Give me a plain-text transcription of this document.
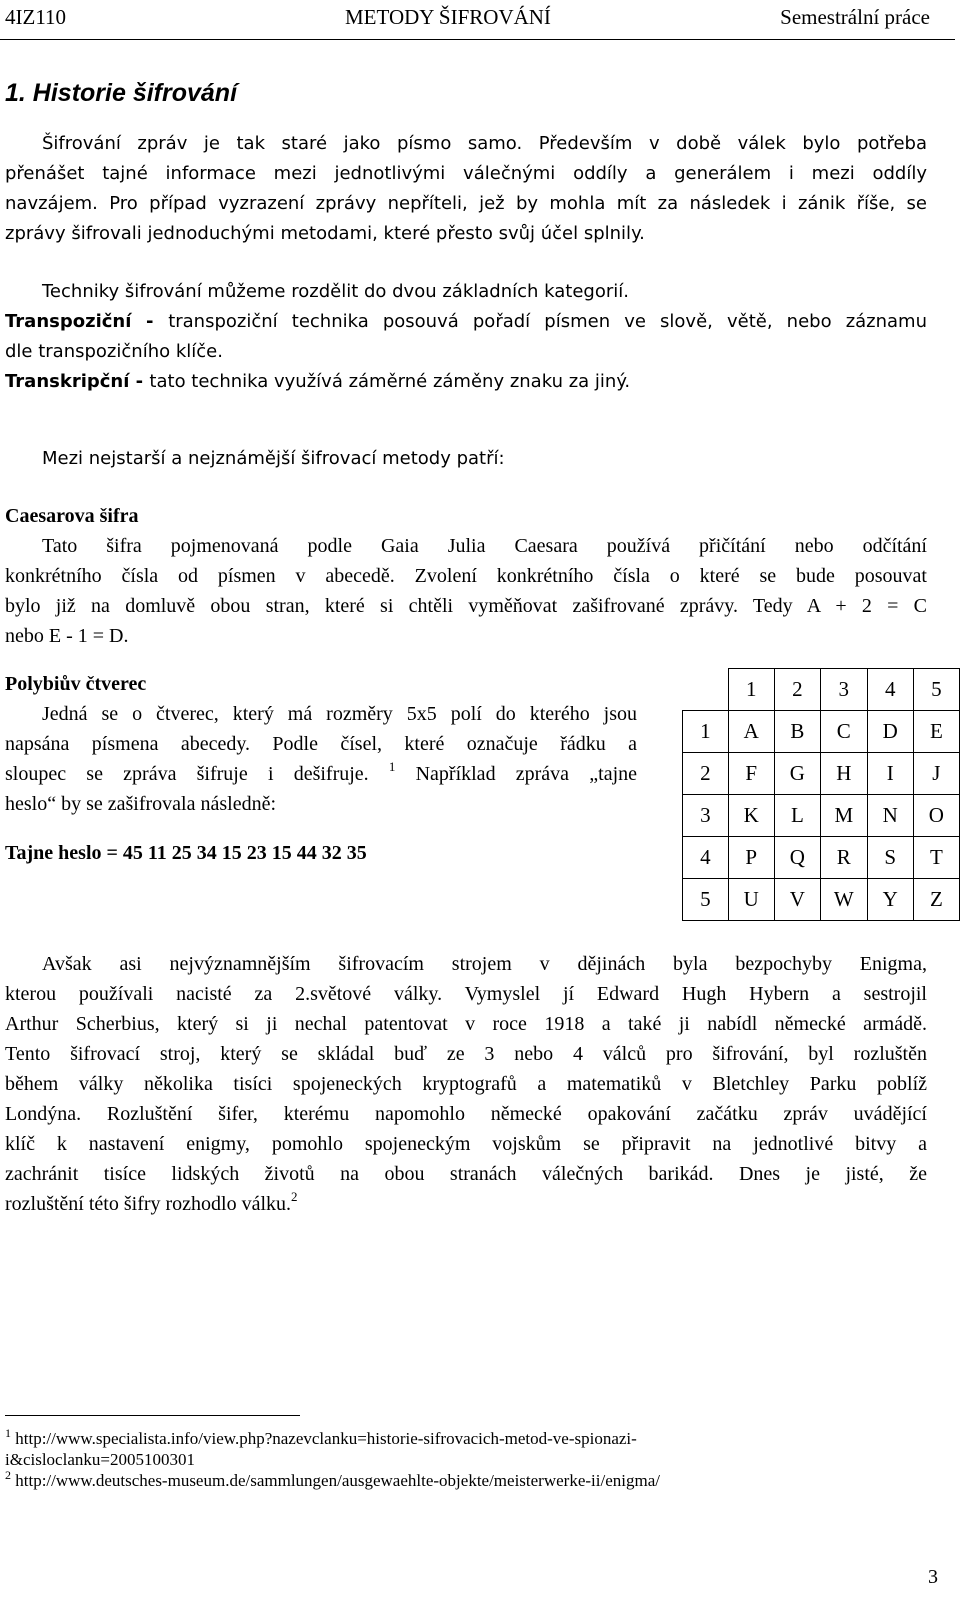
4IZ110	METODY ŠIFROVÁNÍ	Semestrální práce
1. Historie šifrování
Šifrování zpráv je tak staré jako písmo samo. Především v době válek bylo potřeba
přenášet tajné informace mezi jednotlivými válečnými oddíly a generálem i mezi oddíly
navzájem. Pro případ vyzrazení zprávy nepříteli, jež by mohla mít za následek i zánik říše, se
zprávy šifrovali jednoduchými metodami, které přesto svůj účel splnily.
Techniky šifrování můžeme rozdělit do dvou základních kategorií.
Transpoziční - transpoziční technika posouvá pořadí písmen ve slově, větě, nebo záznamu
dle transpozičního klíče.
Transkripční - tato technika využívá záměrné záměny znaku za jiný.
Mezi nejstarší a nejznámější šifrovací metody patří:
Caesarova šifra
Tato šifra pojmenovaná podle Gaia Julia Caesara používá přičítání nebo odčítání
konkrétního čísla od písmen v abecedě. Zvolení konkrétního čísla o které se bude posouvat
bylo již na domluvě obou stran, které si chtěli vyměňovat zašifrované zprávy. Tedy A + 2 = C
nebo E - 1 = D.
Polybiův čtverec
Jedná se o čtverec, který má rozměry 5x5 polí do kterého jsou
napsána písmena abecedy. Podle čísel, které označuje řádku a
sloupec se zpráva šifruje i dešifruje. $^1$ Například zpráva „tajne
heslo“ by se zašifrovala následně:
Tajne heslo = 45 11 25 34 15 23 15 44 32 35
	1	2	3	4	5
1	A	B	C	D	E
2	F	G	H	I	J
3	K	L	M	N	O
4	P	Q	R	S	T
5	U	V	W	Y	Z
Avšak asi nejvýznamnějším šifrovacím strojem v dějinách byla bezpochyby Enigma,
kterou používali nacisté za 2.světové války. Vymyslel jí Edward Hugh Hybern a sestrojil
Arthur Scherbius, který si ji nechal patentovat v roce 1918 a také ji nabídl německé armádě.
Tento šifrovací stroj, který se skládal buď ze 3 nebo 4 válců pro šifrování, byl rozluštěn
během války několika tisíci spojeneckých kryptografů a matematiků v Bletchley Parku poblíž
Londýna. Rozluštění šifer, kterému napomohlo německé opakování začátku zpráv uvádějící
klíč k nastavení enigmy, pomohlo spojeneckým vojskům se připravit na jednotlivé bitvy a
zachránit tisíce lidských životů na obou stranách válečných barikád. Dnes je jisté, že
rozluštění této šifry rozhodlo válku.$^2$
$^1$ http://www.specialista.info/view.php?nazevclanku=historie-sifrovacich-metod-ve-spionazi-
i&cisloclanku=2005100301
$^2$ http://www.deutsches-museum.de/sammlungen/ausgewaehlte-objekte/meisterwerke-ii/enigma/
3
